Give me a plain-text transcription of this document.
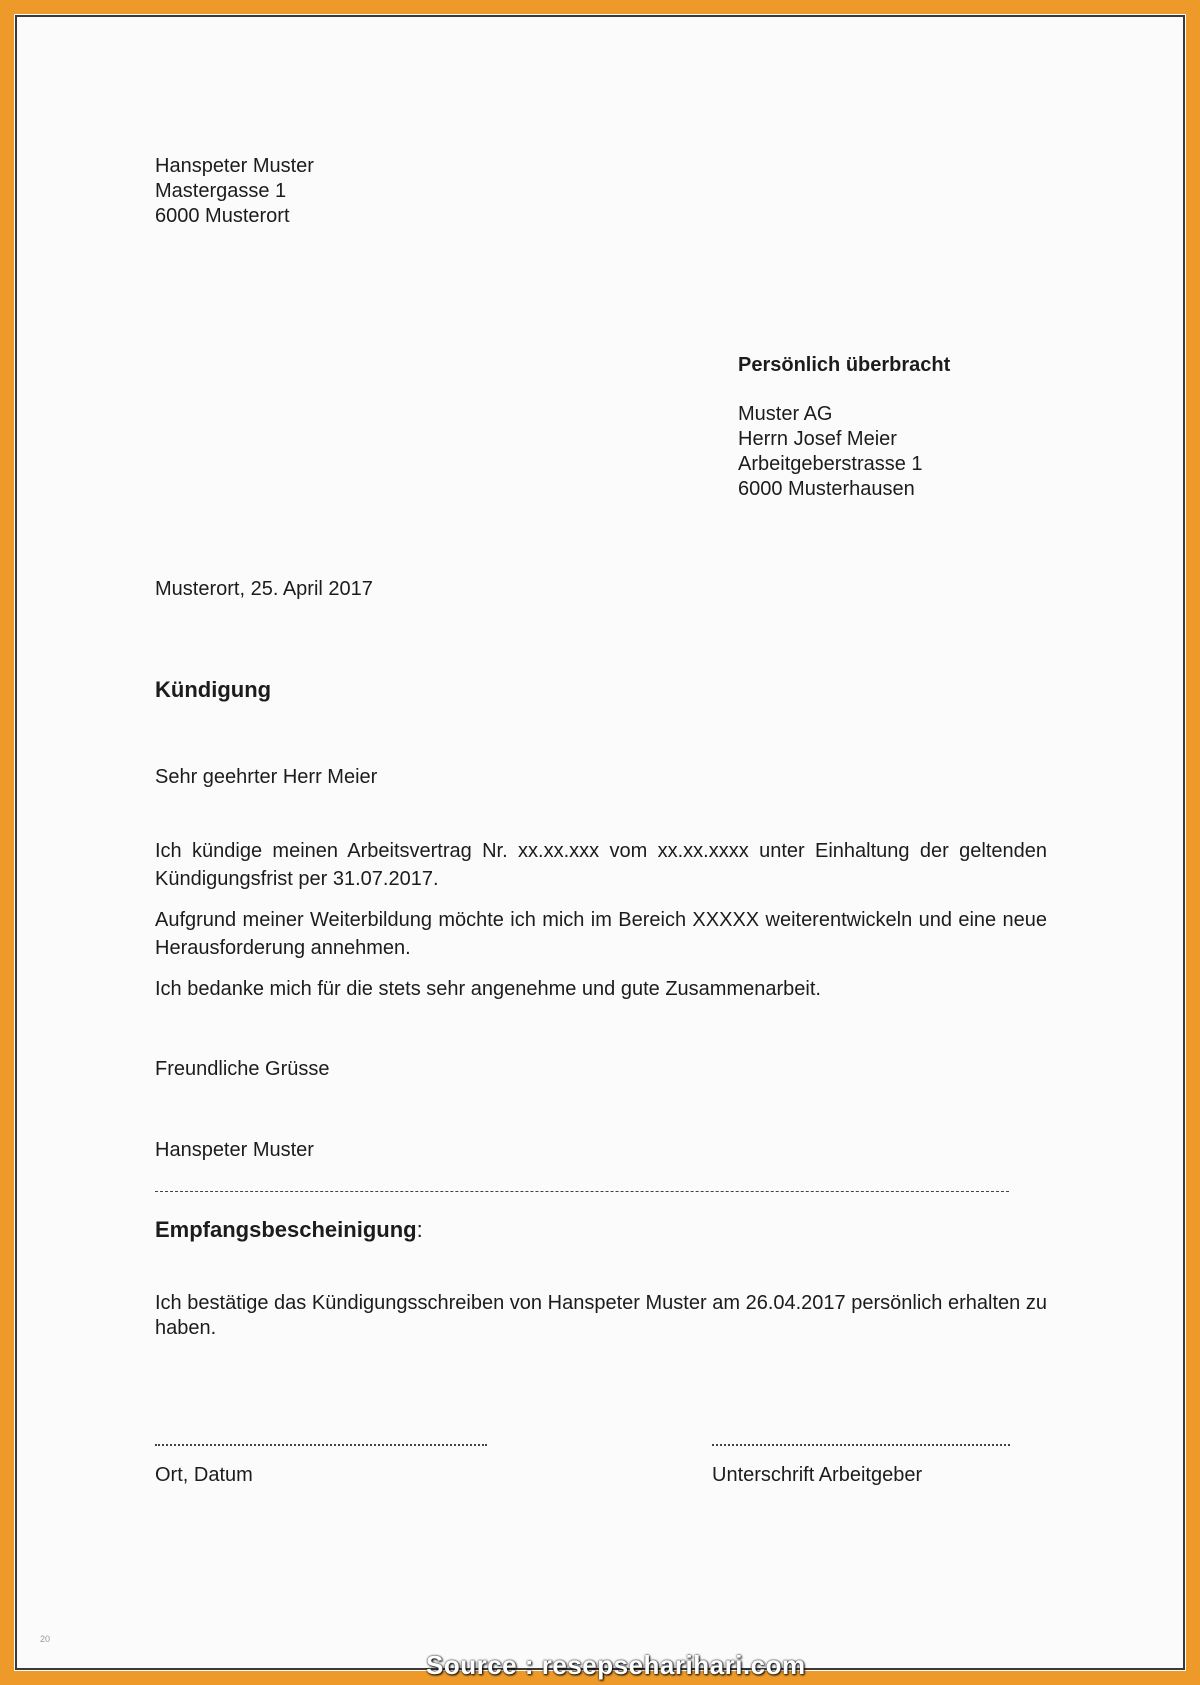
Hanspeter Muster
Mastergasse 1
6000 Musterort
Persönlich überbracht
Muster AG
Herrn Josef Meier
Arbeitgeberstrasse 1
6000 Musterhausen
Musterort, 25. April 2017
Kündigung
Sehr geehrter Herr Meier
Ich kündige meinen Arbeitsvertrag Nr. xx.xx.xxx vom xx.xx.xxxx unter Einhaltung der geltenden Kündigungsfrist per 31.07.2017.
Aufgrund meiner Weiterbildung möchte ich mich im Bereich XXXXX weiterentwickeln und eine neue Herausforderung annehmen.
Ich bedanke mich für die stets sehr angenehme und gute Zusammenarbeit.
Freundliche Grüsse
Hanspeter Muster
Empfangsbescheinigung:
Ich bestätige das Kündigungsschreiben von Hanspeter Muster am 26.04.2017 persönlich erhalten zu haben.
Ort, Datum	Unterschrift Arbeitgeber
20
Source : resepseharihari.com
